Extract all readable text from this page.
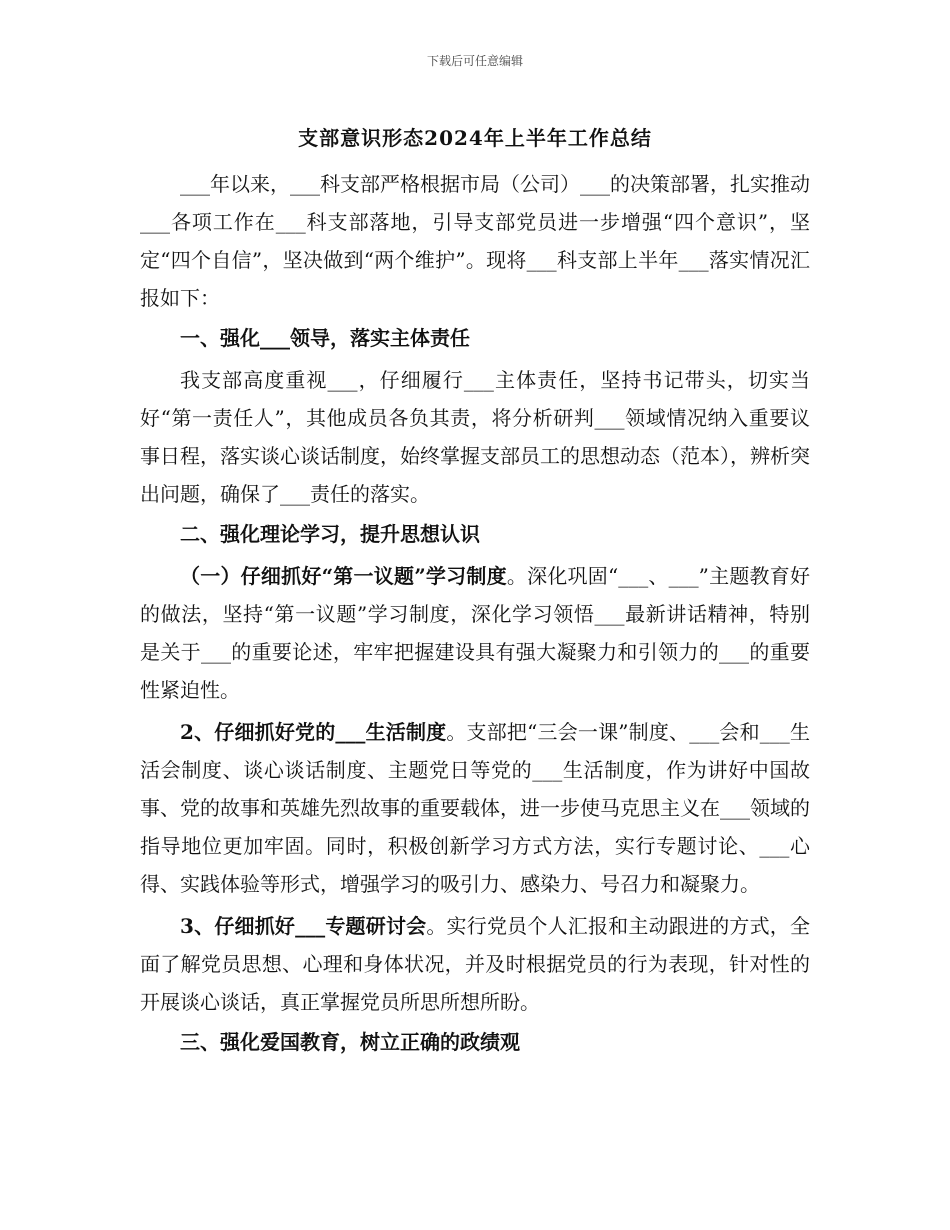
下载后可任意编辑
支部意识形态2024年上半年工作总结

___年以来，___科支部严格根据市局（公司）___的决策部署，扎实推动___各项工作在___科支部落地，引导支部党员进一步增强“四个意识”，坚定“四个自信”，坚决做到“两个维护”。现将___科支部上半年___落实情况汇报如下：

一、强化___领导，落实主体责任

我支部高度重视___，仔细履行___主体责任，坚持书记带头，切实当好“第一责任人”，其他成员各负其责，将分析研判___领域情况纳入重要议事日程，落实谈心谈话制度，始终掌握支部员工的思想动态（范本），辨析突出问题，确保了___责任的落实。

二、强化理论学习，提升思想认识

（一）仔细抓好“第一议题”学习制度。深化巩固“___、___”主题教育好的做法，坚持“第一议题”学习制度，深化学习领悟___最新讲话精神，特别是关于___的重要论述，牢牢把握建设具有强大凝聚力和引领力的___的重要性紧迫性。

2、仔细抓好党的___生活制度。支部把“三会一课”制度、___会和___生活会制度、谈心谈话制度、主题党日等党的___生活制度，作为讲好中国故事、党的故事和英雄先烈故事的重要载体，进一步使马克思主义在___领域的指导地位更加牢固。同时，积极创新学习方式方法，实行专题讨论、___心得、实践体验等形式，增强学习的吸引力、感染力、号召力和凝聚力。

3、仔细抓好___专题研讨会。实行党员个人汇报和主动跟进的方式，全面了解党员思想、心理和身体状况，并及时根据党员的行为表现，针对性的开展谈心谈话，真正掌握党员所思所想所盼。

三、强化爱国教育，树立正确的政绩观
